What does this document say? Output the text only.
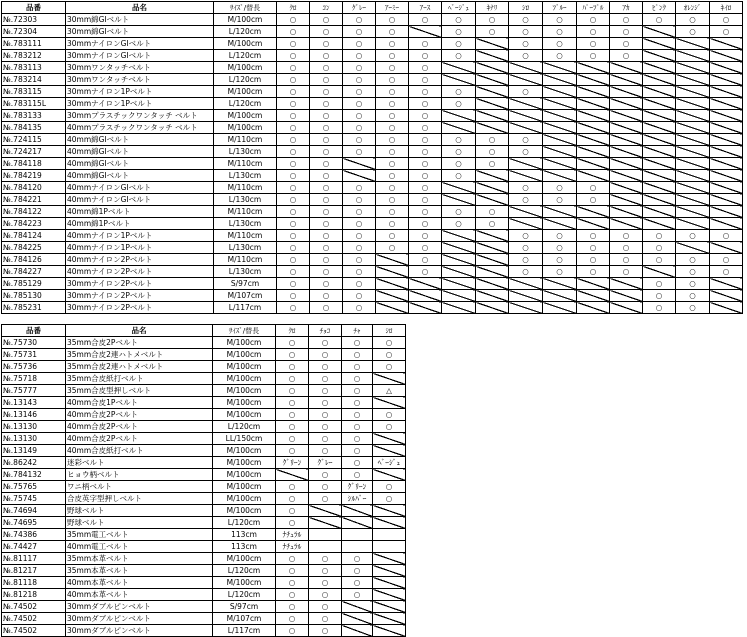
品番	品名	ｻｲｽﾞ/替長	ｸﾛ	ｺﾝ	ｸﾞﾚｰ	ｱｰﾐｰ	ｱｰｽ	ﾍﾞｰｼﾞｭ	ｷﾅﾘ	ｼﾛ	ﾌﾞﾙｰ	ﾊﾟｰﾌﾟﾙ	ｱｶ	ﾋﾟﾝｸ	ｵﾚﾝｼﾞ	ｷｲﾛ
№.72303	30mm綿GIベルト	M/100cm	○	○	○	○	○	○	○	○	○	○	○	○	○	○
№.72304	30mm綿GIベルト	L/120cm	○	○	○	○		○	○	○	○	○	○		○	○
№.783111	30mmナイロンGIベルト	M/100cm	○	○	○	○	○	○		○	○	○	○			
№.783212	30mmナイロンGIベルト	L/120cm	○	○	○	○	○	○		○	○	○	○			
№.783113	30mmワンタッチベルト	M/100cm	○	○	○	○	○									
№.783214	30mmワンタッチベルト	L/120cm	○	○	○	○	○									
№.783115	30mmナイロン1Pベルト	M/100cm	○	○	○	○	○	○		○						
№.783115L	30mmナイロン1Pベルト	L/120cm	○	○	○	○	○	○								
№.783133	30mmプラスチックワンタッチ ベルト	M/100cm	○	○	○	○	○									
№.784135	40mmプラスチックワンタッチ ベルト	M/100cm	○	○	○	○	○									
№.724115	40mm綿GIベルト	M/110cm	○	○	○	○	○	○	○	○						
№.724217	40mm綿GIベルト	L/130cm	○	○	○	○	○	○	○	○						
№.784118	40mm綿GIベルト	M/110cm	○	○		○	○	○	○							
№.784219	40mm綿GIベルト	L/130cm	○	○		○	○	○								
№.784120	40mmナイロンGIベルト	M/110cm	○	○	○	○	○			○	○	○				
№.784221	40mmナイロンGIベルト	L/130cm	○	○	○	○	○			○	○	○				
№.784122	40mm綿1Pベルト	M/110cm	○	○	○	○	○	○	○							
№.784223	40mm綿1Pベルト	L/130cm	○	○	○	○	○	○	○							
№.784124	40mmナイロン1Pベルト	M/110cm	○	○	○	○	○			○	○	○	○	○	○	○
№.784225	40mmナイロン1Pベルト	L/130cm	○	○	○	○	○			○	○	○	○	○		
№.784126	40mmナイロン2Pベルト	M/110cm	○	○	○		○			○	○	○	○	○	○	○
№.784227	40mmナイロン2Pベルト	L/130cm	○	○	○		○			○	○	○	○		○	○
№.785129	30mmナイロン2Pベルト	S/97cm	○	○	○									○	○	
№.785130	30mmナイロン2Pベルト	M/107cm	○	○	○									○	○	
№.785231	30mmナイロン2Pベルト	L/117cm	○	○	○									○	○	
品番	品名	ｻｲｽﾞ/替長	ｸﾛ	ﾁｮｺ	ﾁｬ	ｼﾛ
№.75730	35mm合皮2Pベルト	M/100cm	○	○	○	○
№.75731	35mm合皮2連ハトメベルト	M/100cm	○	○	○	○
№.75736	35mm合皮2連ハトメベルト	M/100cm	○	○	○	○
№.75718	35mm合皮紙打ベルト	M/100cm	○	○	○	
№.75777	35mm合皮型押しベルト	M/100cm	○	○	○	△
№.13143	40mm合皮1Pベルト	M/100cm	○	○	○	
№.13146	40mm合皮2Pベルト	M/100cm	○	○	○	○
№.13130	40mm合皮2Pベルト	L/120cm	○	○	○	○
№.13130	40mm合皮2Pベルト	LL/150cm	○	○	○	
№.13149	40mm合皮紙打ベルト	M/100cm	○	○	○	
№.86242	迷彩ベルト	M/100cm	ｸﾞﾘｰﾝ	ｸﾞﾚｰ	○	ﾍﾞｰｼﾞｭ
№.784132	ヒョウ柄ベルト	M/100cm		○	○	
№.75765	ワニ柄ベルト	M/100cm	○	○	ｸﾞﾘｰﾝ	○
№.75745	合皮英字型押しベルト	M/100cm	○	○	ｼﾙﾊﾞｰ	○
№.74694	野球ベルト	M/100cm	○			
№.74695	野球ベルト	L/120cm	○			
№.74386	35mm電工ベルト	113cm	ﾅﾁｭﾗﾙ			
№.74427	40mm電工ベルト	113cm	ﾅﾁｭﾗﾙ			
№.81117	35mm本革ベルト	M/100cm	○	○	○	
№.81217	35mm本革ベルト	L/120cm	○	○	○	
№.81118	40mm本革ベルト	M/100cm	○	○	○	
№.81218	40mm本革ベルト	L/120cm	○	○	○	
№.74502	30mmダブルピンベルト	S/97cm	○	○		
№.74502	30mmダブルピンベルト	M/107cm	○	○		
№.74502	30mmダブルピンベルト	L/117cm	○	○		
